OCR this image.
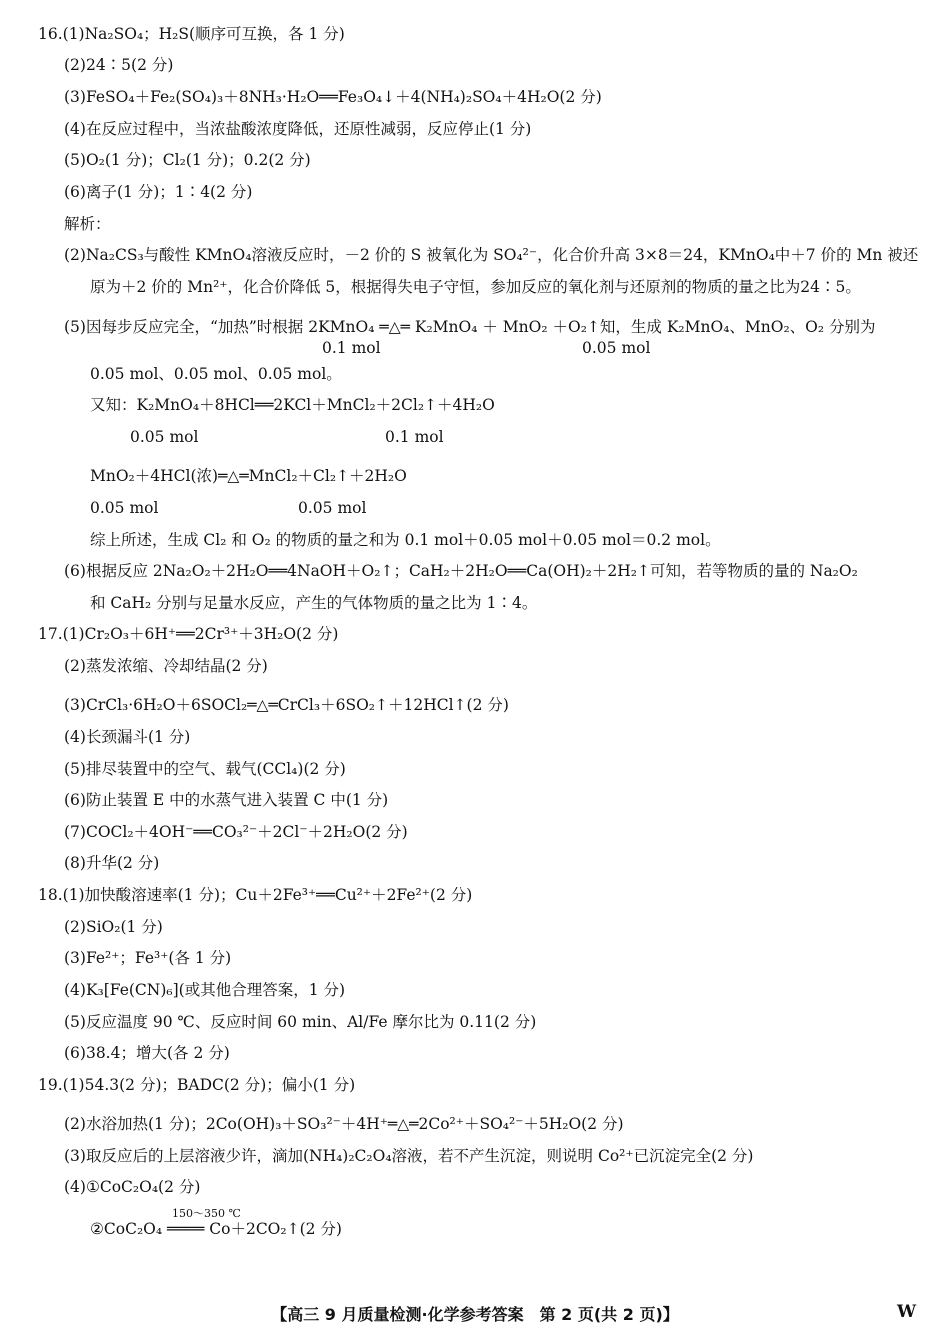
16.(1)Na₂SO₄；H₂S(顺序可互换，各 1 分)
(2)24∶5(2 分)
(3)FeSO₄＋Fe₂(SO₄)₃＋8NH₃·H₂O══Fe₃O₄↓＋4(NH₄)₂SO₄＋4H₂O(2 分)
(4)在反应过程中，当浓盐酸浓度降低，还原性减弱，反应停止(1 分)
(5)O₂(1 分)；Cl₂(1 分)；0.2(2 分)
(6)离子(1 分)；1∶4(2 分)
解析：
(2)Na₂CS₃与酸性 KMnO₄溶液反应时，－2 价的 S 被氧化为 SO₄²⁻，化合价升高 3×8＝24，KMnO₄中＋7 价的 Mn 被还
原为＋2 价的 Mn²⁺，化合价降低 5，根据得失电子守恒，参加反应的氧化剂与还原剂的物质的量之比为24∶5。
(5)因每步反应完全，“加热”时根据 2KMnO₄ ═△═ K₂MnO₄ ＋ MnO₂ ＋O₂↑知，生成 K₂MnO₄、MnO₂、O₂ 分别为
0.1 mol	0.05 mol
0.05 mol、0.05 mol、0.05 mol。
又知：K₂MnO₄＋8HCl══2KCl＋MnCl₂＋2Cl₂↑＋4H₂O
0.05 mol	0.1 mol
MnO₂＋4HCl(浓)═△═MnCl₂＋Cl₂↑＋2H₂O
0.05 mol	0.05 mol
综上所述，生成 Cl₂ 和 O₂ 的物质的量之和为 0.1 mol＋0.05 mol＋0.05 mol＝0.2 mol。
(6)根据反应 2Na₂O₂＋2H₂O══4NaOH＋O₂↑；CaH₂＋2H₂O══Ca(OH)₂＋2H₂↑可知，若等物质的量的 Na₂O₂
和 CaH₂ 分别与足量水反应，产生的气体物质的量之比为 1∶4。
17.(1)Cr₂O₃＋6H⁺══2Cr³⁺＋3H₂O(2 分)
(2)蒸发浓缩、冷却结晶(2 分)
(3)CrCl₃·6H₂O＋6SOCl₂═△═CrCl₃＋6SO₂↑＋12HCl↑(2 分)
(4)长颈漏斗(1 分)
(5)排尽装置中的空气、载气(CCl₄)(2 分)
(6)防止装置 E 中的水蒸气进入装置 C 中(1 分)
(7)COCl₂＋4OH⁻══CO₃²⁻＋2Cl⁻＋2H₂O(2 分)
(8)升华(2 分)
18.(1)加快酸溶速率(1 分)；Cu＋2Fe³⁺══Cu²⁺＋2Fe²⁺(2 分)
(2)SiO₂(1 分)
(3)Fe²⁺；Fe³⁺(各 1 分)
(4)K₃[Fe(CN)₆](或其他合理答案，1 分)
(5)反应温度 90 ℃、反应时间 60 min、Al/Fe 摩尔比为 0.11(2 分)
(6)38.4；增大(各 2 分)
19.(1)54.3(2 分)；BADC(2 分)；偏小(1 分)
(2)水浴加热(1 分)；2Co(OH)₃＋SO₃²⁻＋4H⁺═△═2Co²⁺＋SO₄²⁻＋5H₂O(2 分)
(3)取反应后的上层溶液少许，滴加(NH₄)₂C₂O₄溶液，若不产生沉淀，则说明 Co²⁺已沉淀完全(2 分)
(4)①CoC₂O₄(2 分)
150～350 ℃
②CoC₂O₄ ════ Co＋2CO₂↑(2 分)
【高三 9 月质量检测·化学参考答案　第 2 页(共 2 页)】	W
